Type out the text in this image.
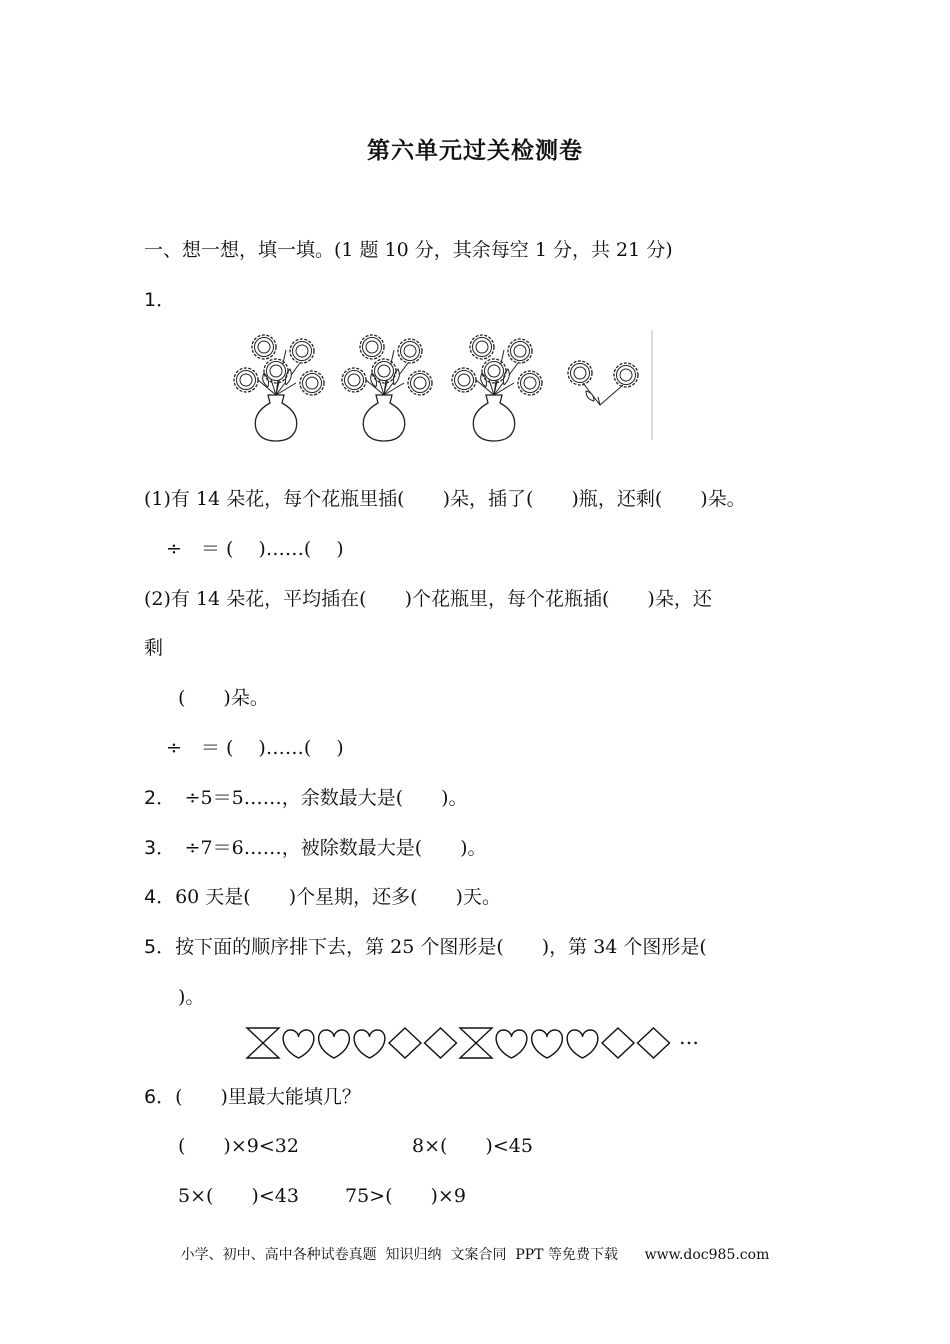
第六单元过关检测卷
一、想一想，填一填。(1 题 10 分，其余每空 1 分，共 21 分)
1．
(1)有 14 朵花，每个花瓶里插(　　)朵，插了(　　)瓶，还剩(　　)朵。
÷　＝ (　 )……(　 )
(2)有 14 朵花，平均插在(　　)个花瓶里，每个花瓶插(　　)朵，还
剩
(　　)朵。
÷　＝ (　 )……(　 )
2．　÷5＝5……，余数最大是(　　)。
3．　÷7＝6……，被除数最大是(　　)。
4．60 天是(　　)个星期，还多(　　)天。
5．按下面的顺序排下去，第 25 个图形是(　　)，第 34 个图形是(
)。
…
6．(　　)里最大能填几？
(　　)×9<32	8×(　　)<45
5×(　　)<43 75>(　　)×9
小学、初中、高中各种试卷真题  知识归纳  文案合同  PPT 等免费下载      www.doc985.com
